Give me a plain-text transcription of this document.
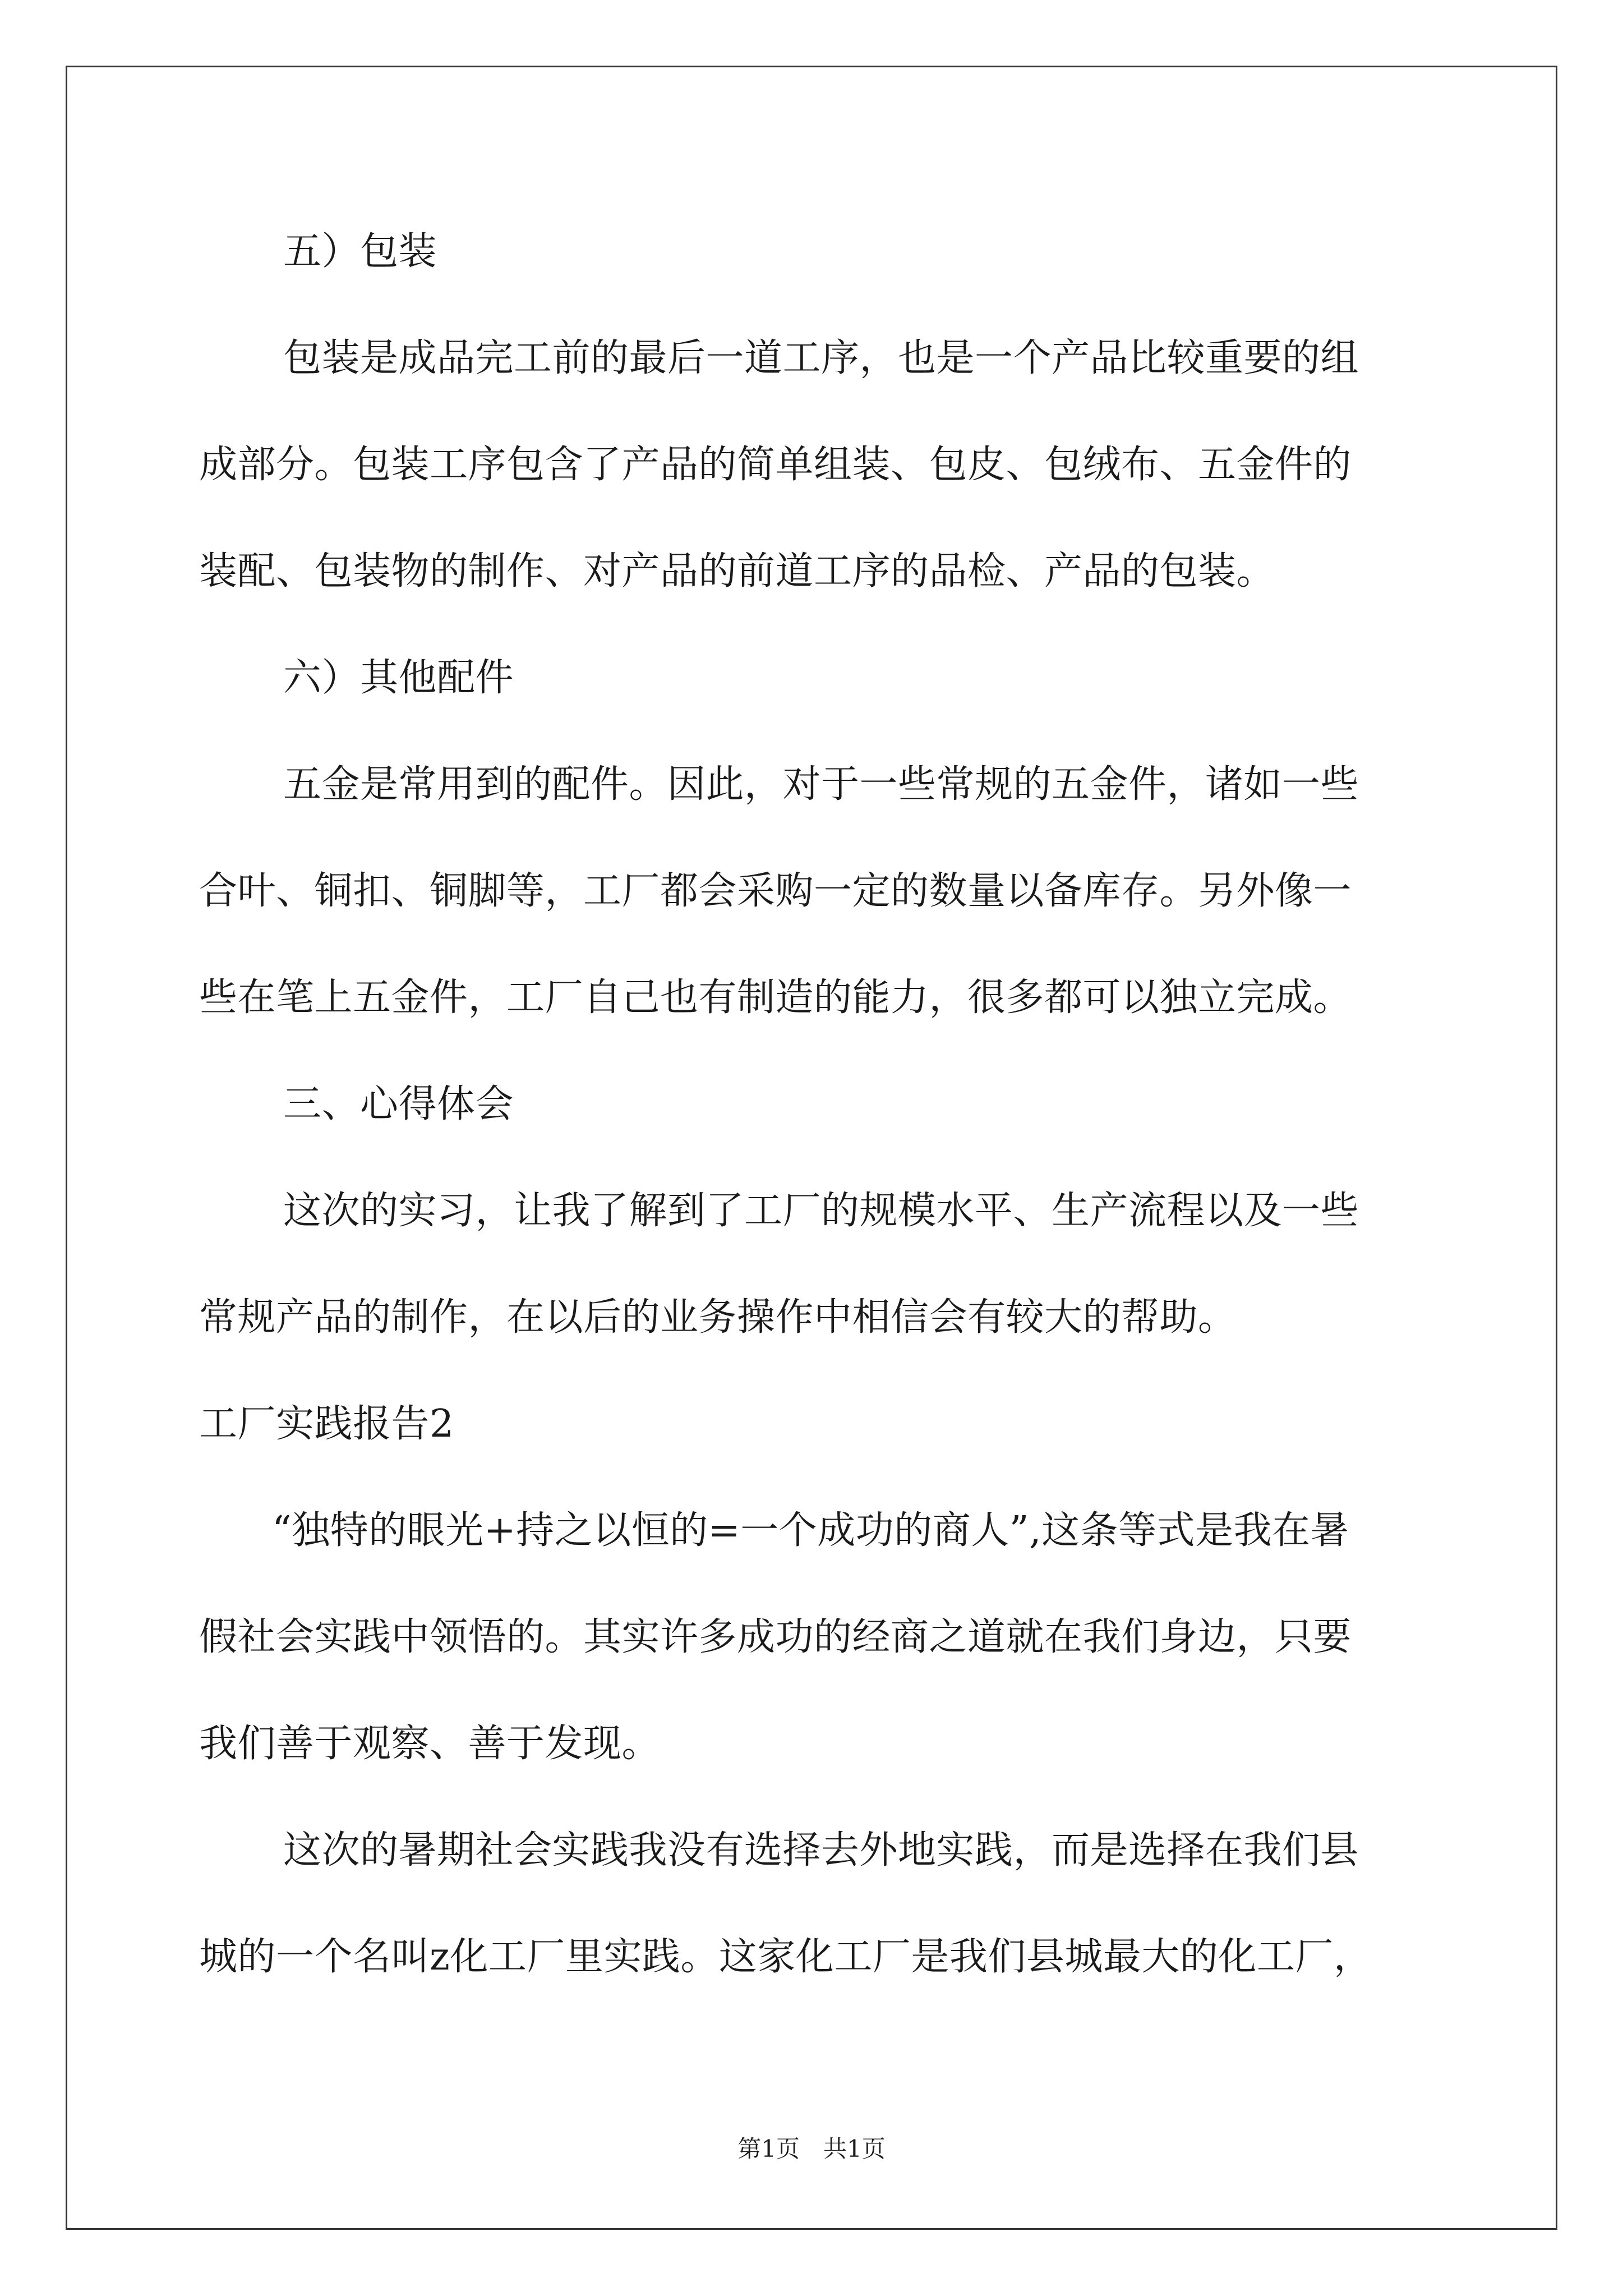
五）包装
包装是成品完工前的最后一道工序，也是一个产品比较重要的组
成部分。包装工序包含了产品的简单组装、包皮、包绒布、五金件的
装配、包装物的制作、对产品的前道工序的品检、产品的包装。
六）其他配件
五金是常用到的配件。因此，对于一些常规的五金件，诸如一些
合叶、铜扣、铜脚等，工厂都会采购一定的数量以备库存。另外像一
些在笔上五金件，工厂自己也有制造的能力，很多都可以独立完成。
三、心得体会
这次的实习，让我了解到了工厂的规模水平、生产流程以及一些
常规产品的制作，在以后的业务操作中相信会有较大的帮助。
工厂实践报告2
“独特的眼光+持之以恒的=一个成功的商人”,这条等式是我在暑
假社会实践中领悟的。其实许多成功的经商之道就在我们身边，只要
我们善于观察、善于发现。
这次的暑期社会实践我没有选择去外地实践，而是选择在我们县
城的一个名叫z化工厂里实践。这家化工厂是我们县城最大的化工厂，
第1页　共1页
